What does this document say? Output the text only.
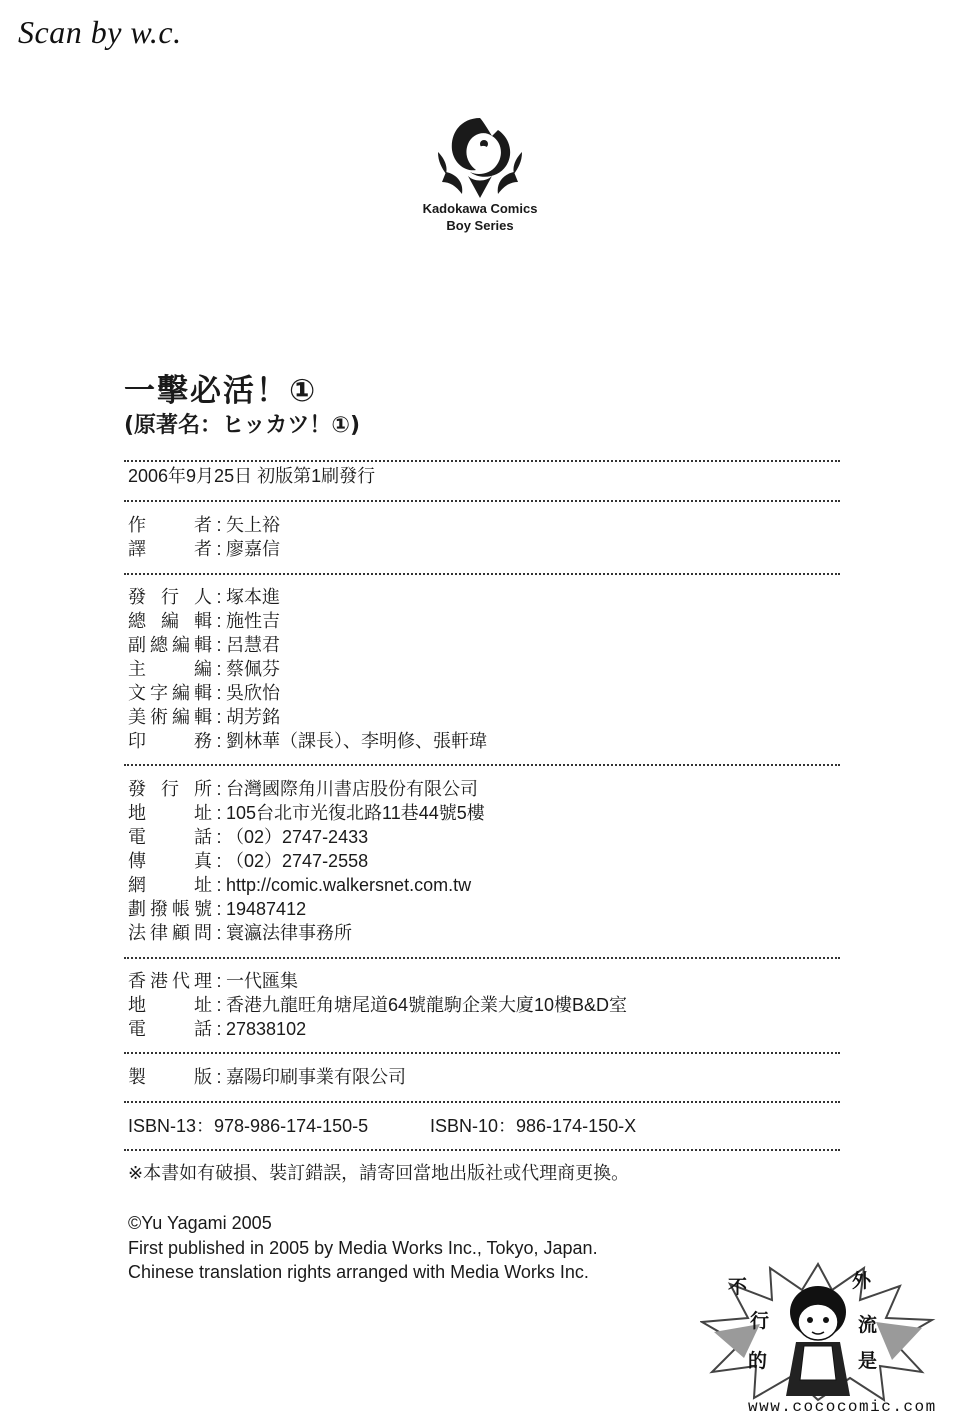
Scan by w.c.
Kadokawa Comics
Boy Series
一擊必活！①
(原著名：ヒッカツ！①)
2006年9月25日 初版第1刷發行
作者 : 矢上裕
譯者 : 廖嘉信
發行人 : 塚本進
總編輯 : 施性吉
副總編輯 : 呂慧君
主編 : 蔡佩芬
文字編輯 : 吳欣怡
美術編輯 : 胡芳銘
印務 : 劉林華（課長）、李明修、張軒瑋
發行所 : 台灣國際角川書店股份有限公司
地址 : 105台北市光復北路11巷44號5樓
電話 : （02）2747-2433
傳真 : （02）2747-2558
網址 : http://comic.walkersnet.com.tw
劃撥帳號 : 19487412
法律顧問 : 寰瀛法律事務所
香港代理 : 一代匯集
地址 : 香港九龍旺角塘尾道64號龍駒企業大廈10樓B&D室
電話 : 27838102
製版 : 嘉陽印刷事業有限公司
ISBN-13：978-986-174-150-5	ISBN-10：986-174-150-X
※本書如有破損、裝訂錯誤，請寄回當地出版社或代理商更換。
©Yu Yagami 2005
First published in 2005 by Media Works Inc., Tokyo, Japan.
Chinese translation rights arranged with Media Works Inc.
不
行
的
外
流
是
www.cococomic.com
